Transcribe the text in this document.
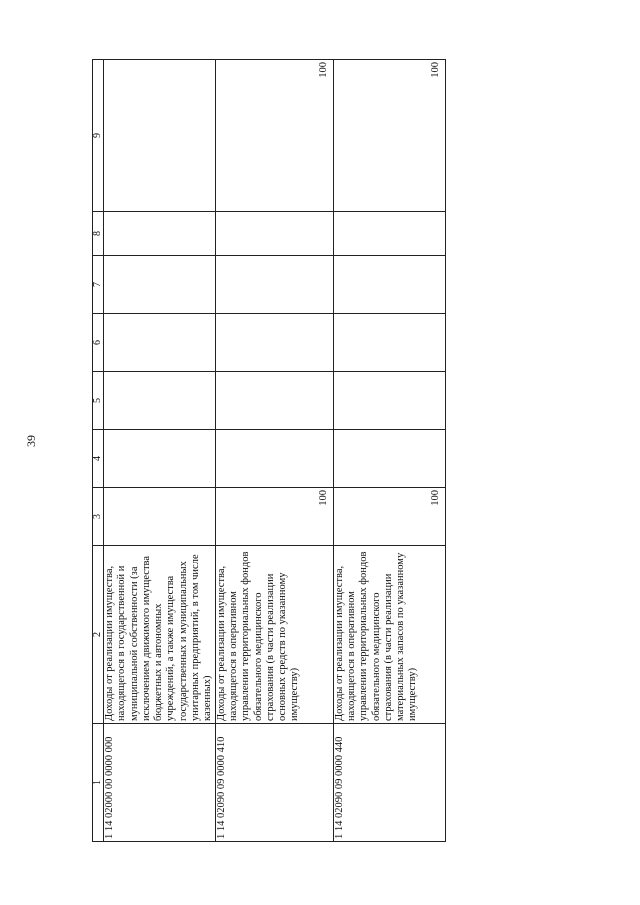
39
1	2	3	4	5	6	7	8	9
1 14 02000 00 0000 000	Доходы от реализации имущества, находящегося в государственной и муниципальной собственности (за исключением движимого имущества бюджетных и автономных учреждений, а также имущества государственных и муниципальных унитарных предприятий, в том числе казенных)							
1 14 02090 09 0000 410	Доходы от реализации имущества, находящегося в оперативном управлении территориальных фондов обязательного медицинского страхования (в части реализации основных средств по указанному имуществу)	100						100
1 14 02090 09 0000 440	Доходы от реализации имущества, находящегося в оперативном управлении территориальных фондов обязательного медицинского страхования (в части реализации материальных запасов по указанному имуществу)	100						100
